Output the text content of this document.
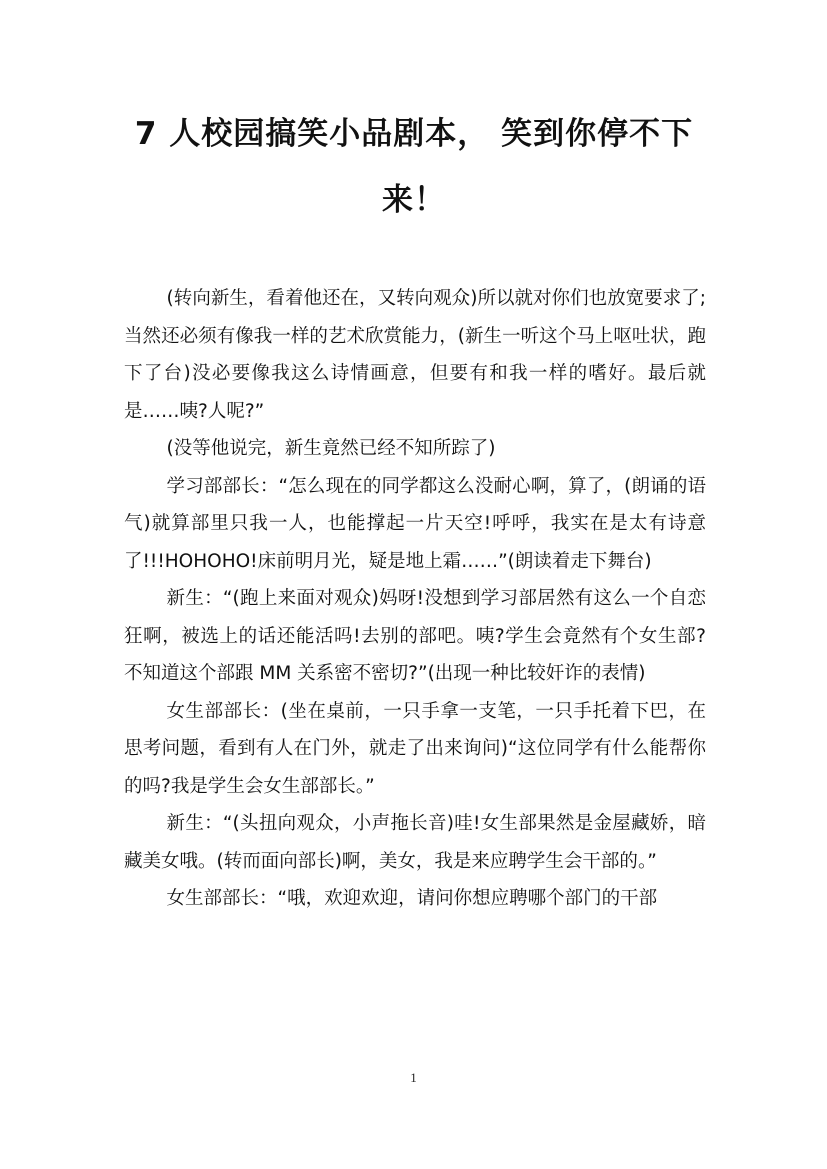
7 人校园搞笑小品剧本， 笑到你停不下
来！

(转向新生，看着他还在，又转向观众)所以就对你们也放宽要求了;当然还必须有像我一样的艺术欣赏能力，(新生一听这个马上呕吐状，跑下了台)没必要像我这么诗情画意，但要有和我一样的嗜好。最后就是……咦?人呢?”

(没等他说完，新生竟然已经不知所踪了)

学习部部长：“怎么现在的同学都这么没耐心啊，算了，(朗诵的语气)就算部里只我一人，也能撑起一片天空!呼呼，我实在是太有诗意了!!!HOHOHO!床前明月光，疑是地上霜……”(朗读着走下舞台)

新生：“(跑上来面对观众)妈呀!没想到学习部居然有这么一个自恋狂啊，被选上的话还能活吗!去别的部吧。咦?学生会竟然有个女生部?不知道这个部跟 MM 关系密不密切?”(出现一种比较奸诈的表情)

女生部部长：(坐在桌前，一只手拿一支笔，一只手托着下巴，在思考问题，看到有人在门外，就走了出来询问)“这位同学有什么能帮你的吗?我是学生会女生部部长。”

新生：“(头扭向观众，小声拖长音)哇!女生部果然是金屋藏娇，暗藏美女哦。(转而面向部长)啊，美女，我是来应聘学生会干部的。”

女生部部长：“哦，欢迎欢迎，请问你想应聘哪个部门的干部

1
